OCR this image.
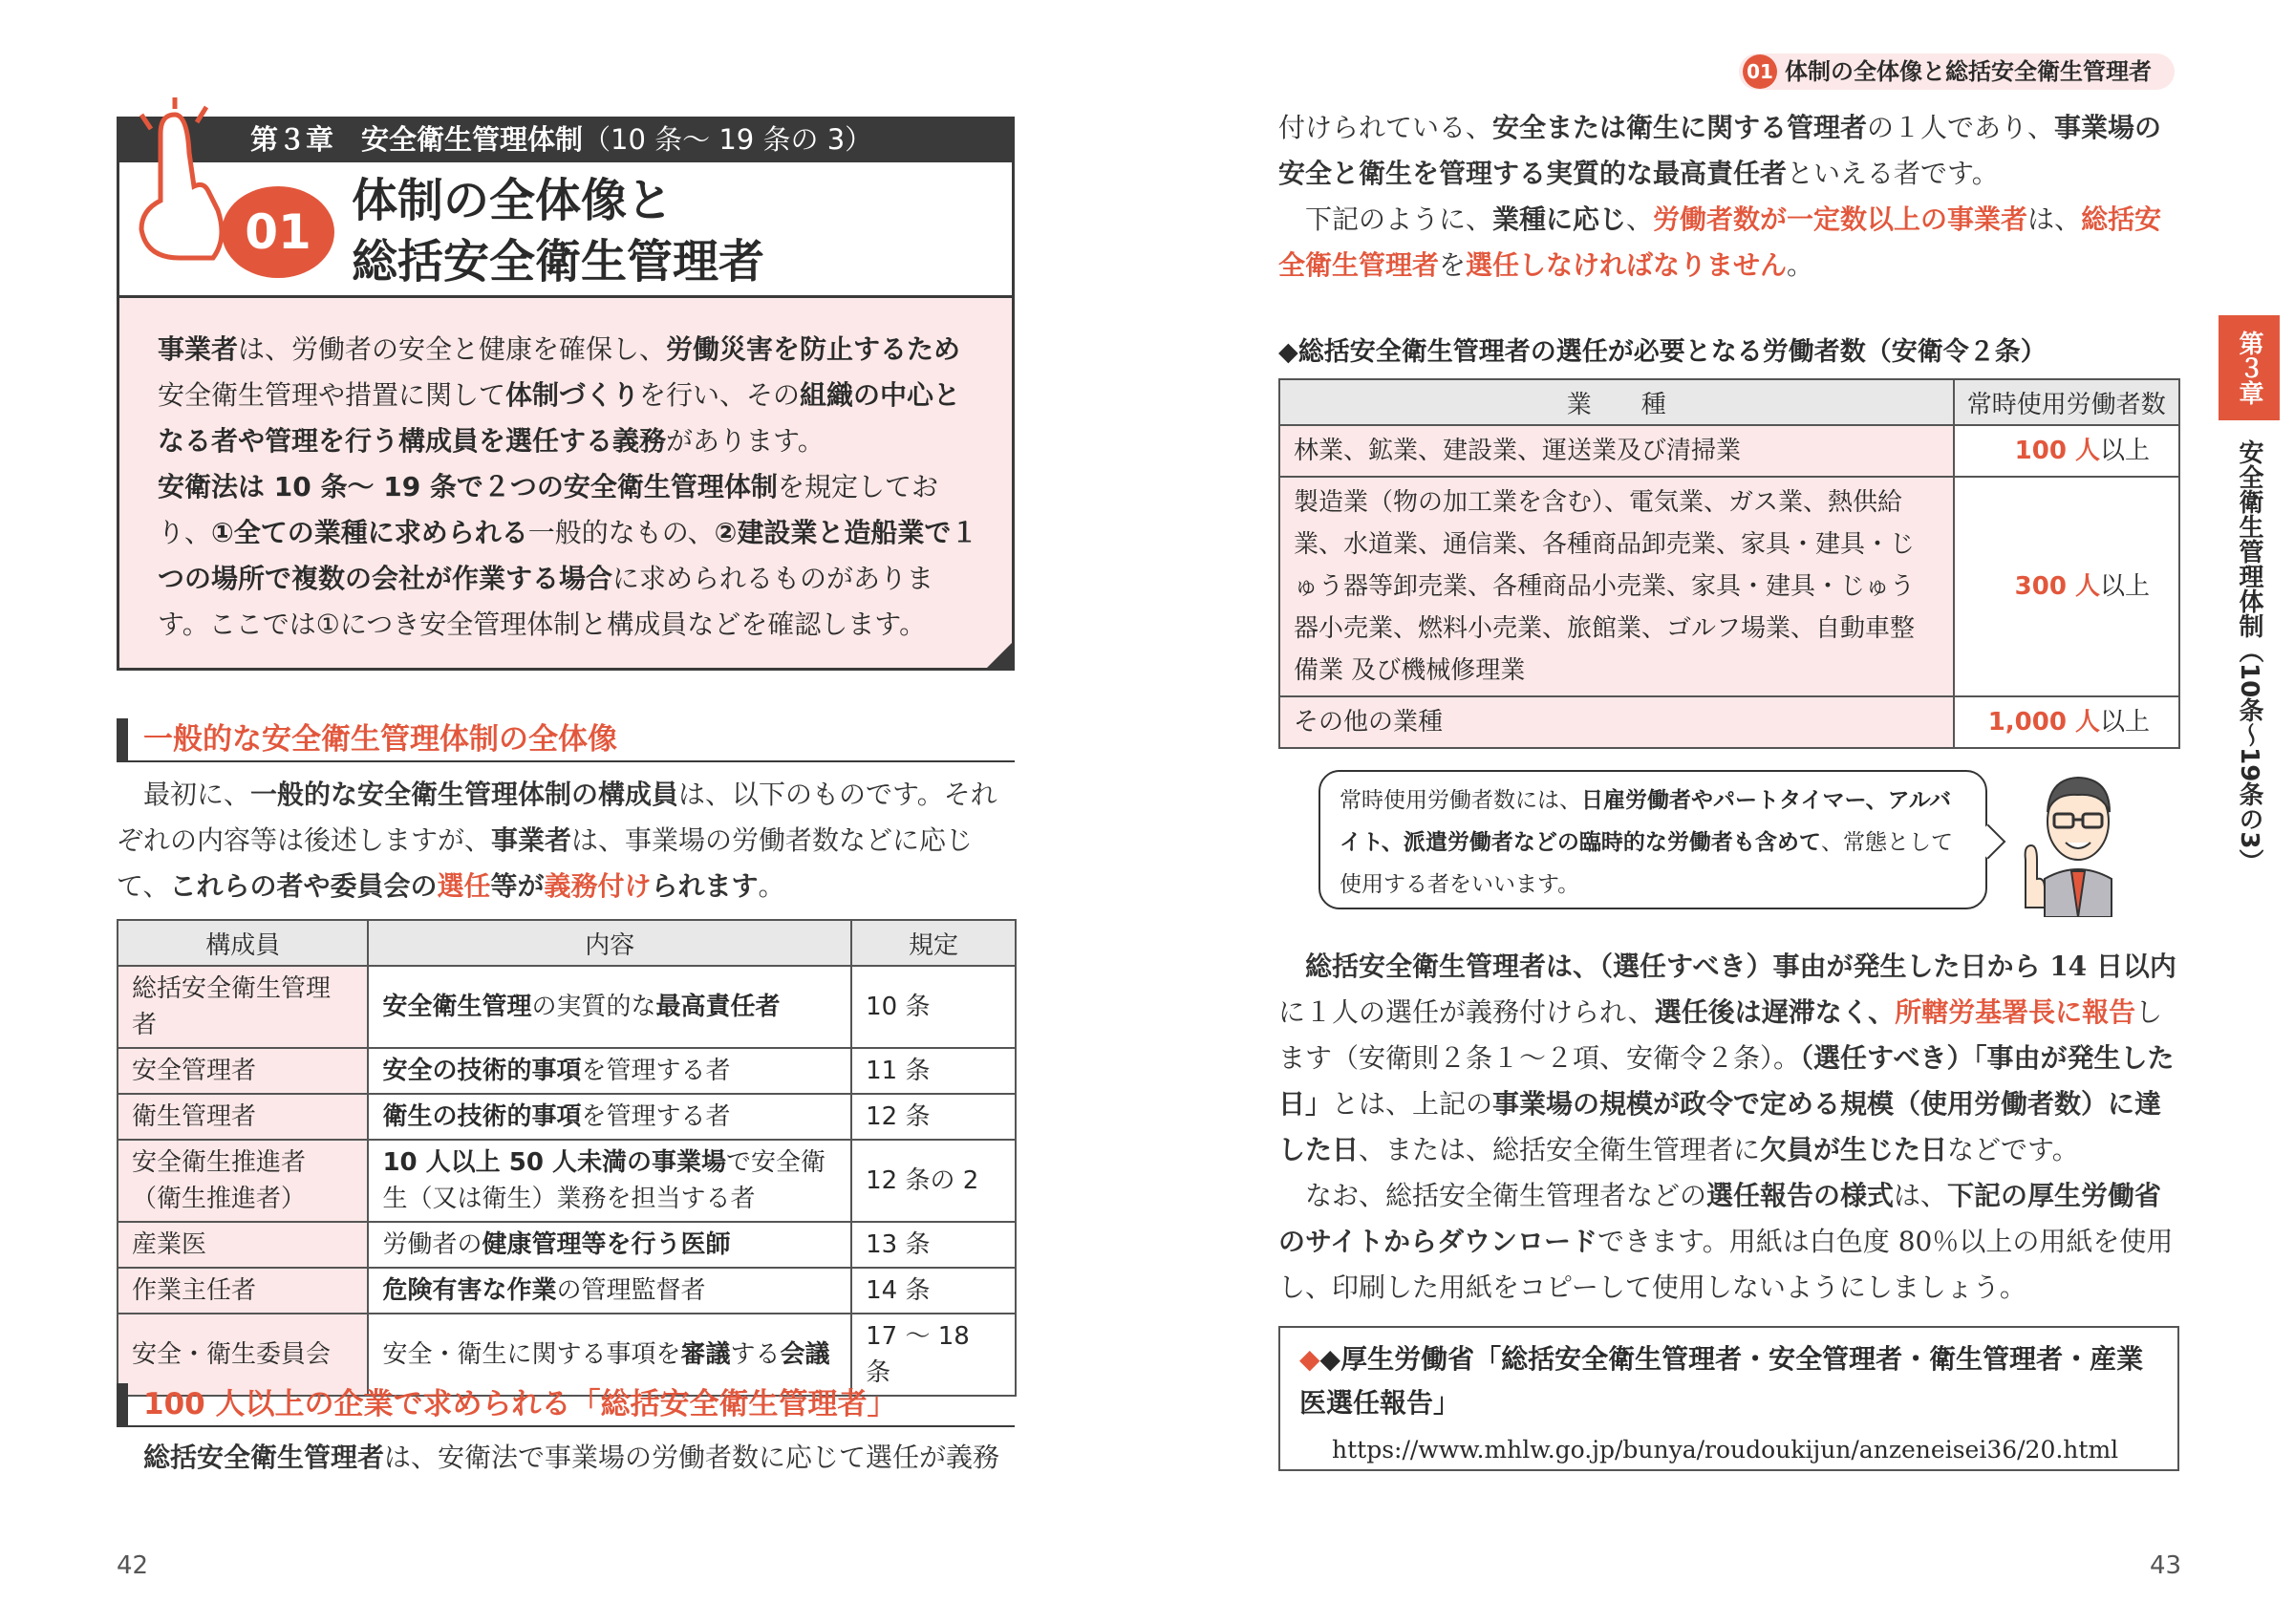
第３章　安全衛生管理体制（10 条〜 19 条の 3）
01
体制の全体像と
総括安全衛生管理者
事業者は、労働者の安全と健康を確保し、労働災害を防止するため安全衛生管理や措置に関して体制づくりを行い、その組織の中心となる者や管理を行う構成員を選任する義務があります。
安衛法は 10 条〜 19 条で２つの安全衛生管理体制を規定しており、①全ての業種に求められる一般的なもの、②建設業と造船業で１つの場所で複数の会社が作業する場合に求められるものがあります。ここでは①につき安全管理体制と構成員などを確認します。
一般的な安全衛生管理体制の全体像
　最初に、一般的な安全衛生管理体制の構成員は、以下のものです。それぞれの内容等は後述しますが、事業者は、事業場の労働者数などに応じて、これらの者や委員会の選任等が義務付けられます。
構成員	内容	規定
総括安全衛生管理者	安全衛生管理の実質的な最高責任者	10 条
安全管理者	安全の技術的事項を管理する者	11 条
衛生管理者	衛生の技術的事項を管理する者	12 条
安全衛生推進者（衛生推進者）	10 人以上 50 人未満の事業場で安全衛生（又は衛生）業務を担当する者	12 条の 2
産業医	労働者の健康管理等を行う医師	13 条
作業主任者	危険有害な作業の管理監督者	14 条
安全・衛生委員会	安全・衛生に関する事項を審議する会議	17 〜 18 条
100 人以上の企業で求められる「総括安全衛生管理者」
　総括安全衛生管理者は、安衛法で事業場の労働者数に応じて選任が義務
42
01 体制の全体像と総括安全衛生管理者
付けられている、安全または衛生に関する管理者の１人であり、事業場の安全と衛生を管理する実質的な最高責任者といえる者です。
　下記のように、業種に応じ、労働者数が一定数以上の事業者は、総括安全衛生管理者を選任しなければなりません。
◆総括安全衛生管理者の選任が必要となる労働者数（安衛令２条）
業　　種	常時使用労働者数
林業、鉱業、建設業、運送業及び清掃業	100 人以上
製造業（物の加工業を含む）、電気業、ガス業、熱供給業、水道業、通信業、各種商品卸売業、家具・建具・じゅう器等卸売業、各種商品小売業、家具・建具・じゅう器小売業、燃料小売業、旅館業、ゴルフ場業、自動車整備業 及び機械修理業	300 人以上
その他の業種	1,000 人以上
常時使用労働者数には、日雇労働者やパートタイマー、アルバイト、派遣労働者などの臨時的な労働者も含めて、常態として使用する者をいいます。
　総括安全衛生管理者は、（選任すべき）事由が発生した日から 14 日以内に１人の選任が義務付けられ、選任後は遅滞なく、所轄労基署長に報告します（安衛則２条１〜２項、安衛令２条）。（選任すべき）「事由が発生した日」とは、上記の事業場の規模が政令で定める規模（使用労働者数）に達した日、または、総括安全衛生管理者に欠員が生じた日などです。
　なお、総括安全衛生管理者などの選任報告の様式は、下記の厚生労働省のサイトからダウンロードできます。用紙は白色度 80％以上の用紙を使用し、印刷した用紙をコピーして使用しないようにしましょう。
◆◆厚生労働省「総括安全衛生管理者・安全管理者・衛生管理者・産業医選任報告」
https://www.mhlw.go.jp/bunya/roudoukijun/anzeneisei36/20.html
第３章
安全衛生管理体制（10条〜19条の3）
43
